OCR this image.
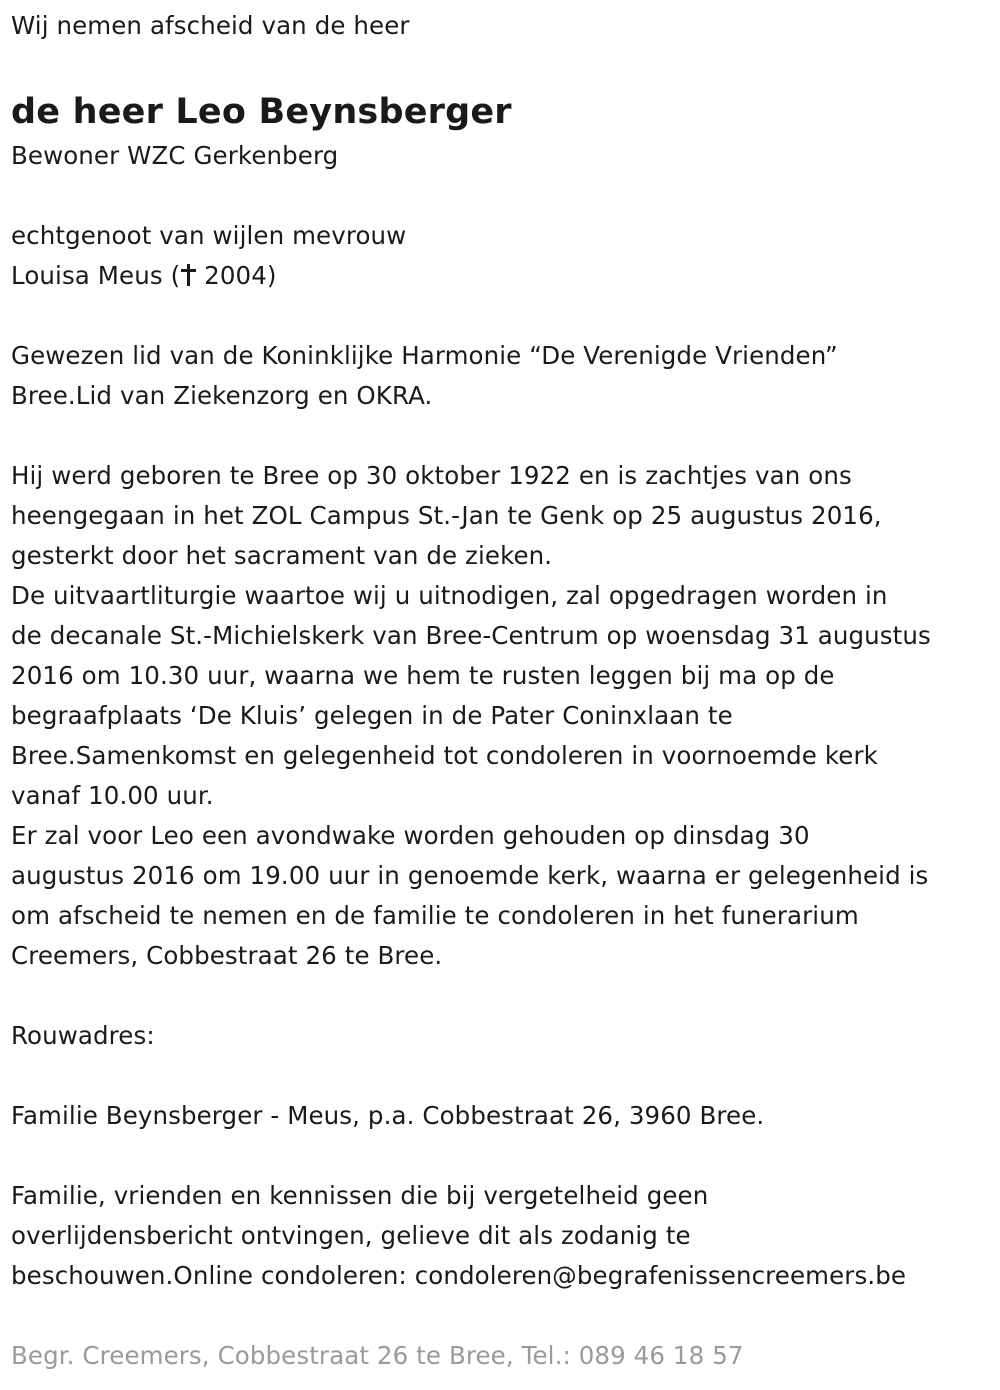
Wij nemen afscheid van de heer

de heer Leo Beynsberger

Bewoner WZC Gerkenberg

echtgenoot van wijlen mevrouw

Louisa Meus ( 2004)

Gewezen lid van de Koninklijke Harmonie “De Verenigde Vrienden”

Bree.Lid van Ziekenzorg en OKRA.

Hij werd geboren te Bree op 30 oktober 1922 en is zachtjes van ons

heengegaan in het ZOL Campus St.-Jan te Genk op 25 augustus 2016,

gesterkt door het sacrament van de zieken.

De uitvaartliturgie waartoe wij u uitnodigen, zal opgedragen worden in

de decanale St.-Michielskerk van Bree-Centrum op woensdag 31 augustus

2016 om 10.30 uur, waarna we hem te rusten leggen bij ma op de

begraafplaats ‘De Kluis’ gelegen in de Pater Coninxlaan te

Bree.Samenkomst en gelegenheid tot condoleren in voornoemde kerk

vanaf 10.00 uur.

Er zal voor Leo een avondwake worden gehouden op dinsdag 30

augustus 2016 om 19.00 uur in genoemde kerk, waarna er gelegenheid is

om afscheid te nemen en de familie te condoleren in het funerarium

Creemers, Cobbestraat 26 te Bree.

Rouwadres:

Familie Beynsberger - Meus, p.a. Cobbestraat 26, 3960 Bree.

Familie, vrienden en kennissen die bij vergetelheid geen

overlijdensbericht ontvingen, gelieve dit als zodanig te

beschouwen.Online condoleren: condoleren@begrafenissencreemers.be

Begr. Creemers, Cobbestraat 26 te Bree, Tel.: 089 46 18 57
